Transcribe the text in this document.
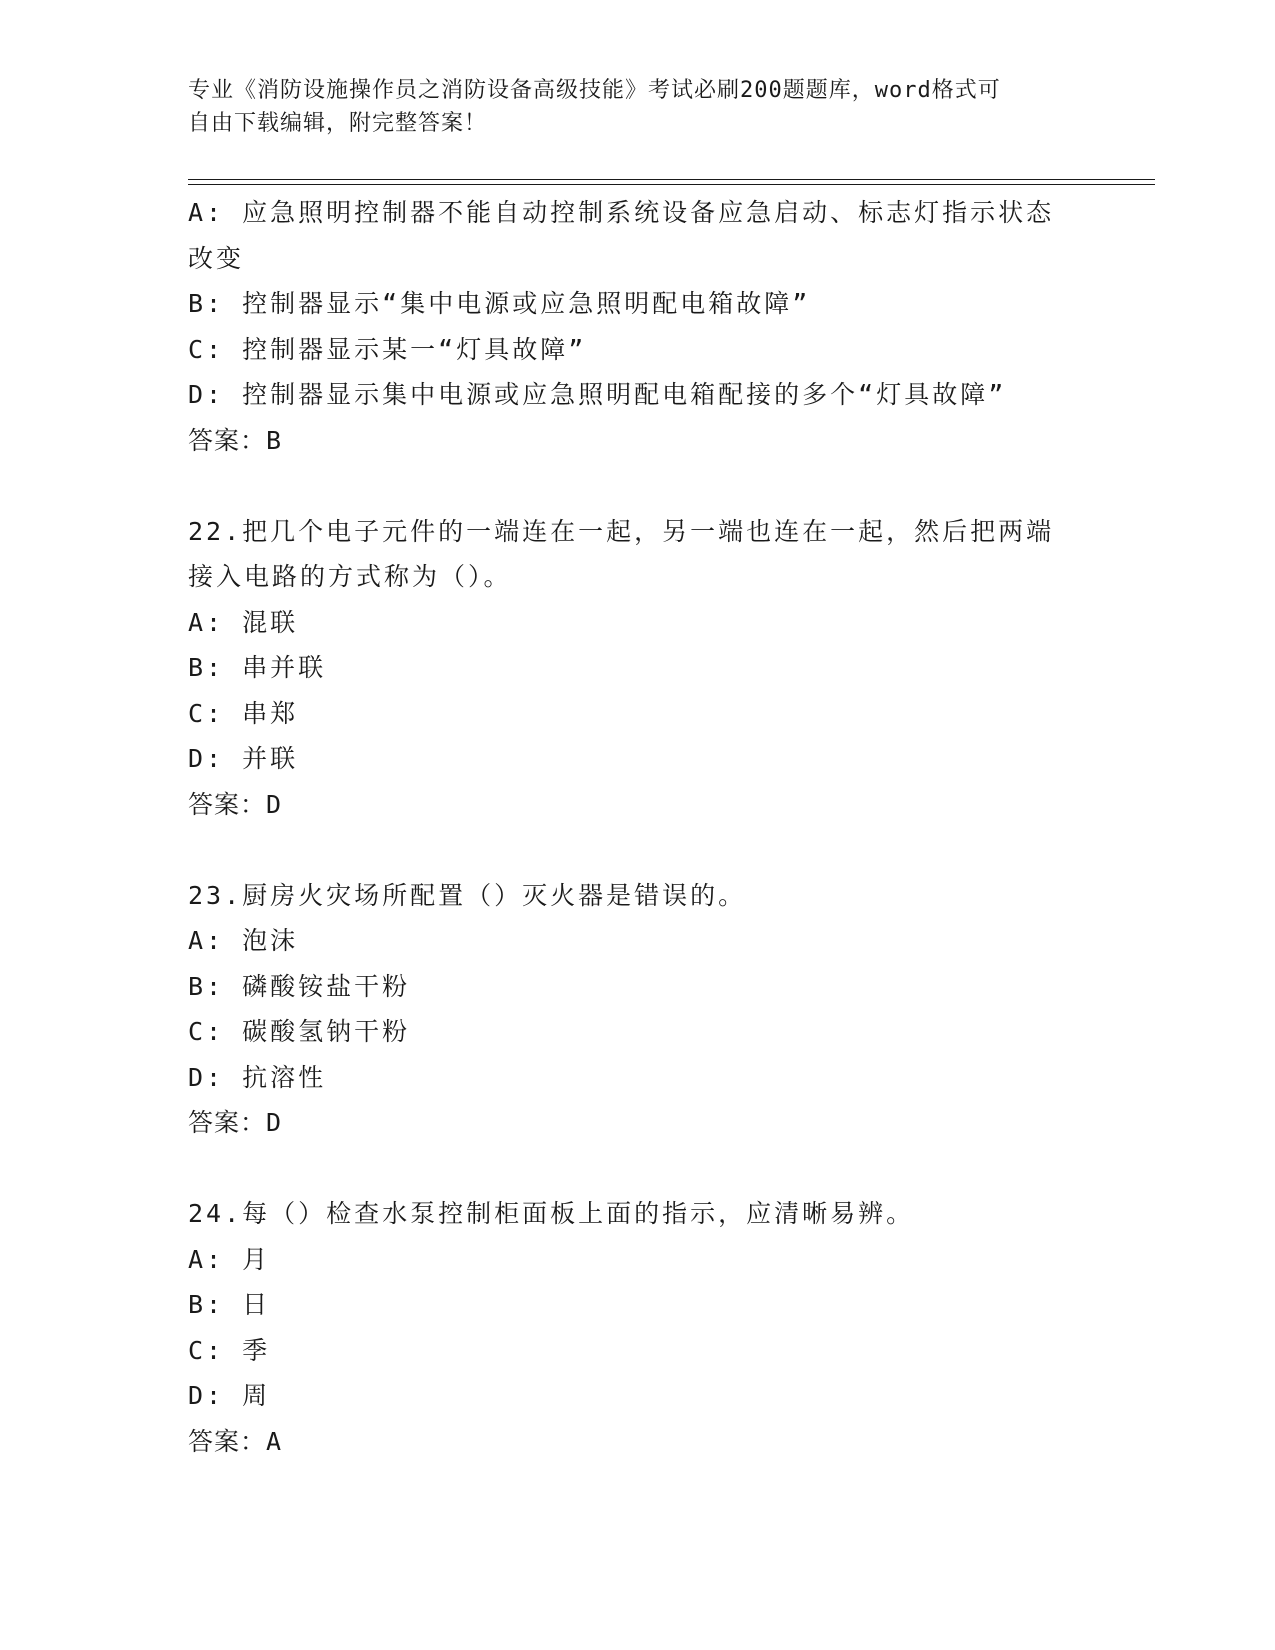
专业《消防设施操作员之消防设备高级技能》考试必刷200题题库，word格式可
自由下载编辑，附完整答案！
A: 应急照明控制器不能自动控制系统设备应急启动、标志灯指示状态
改变
B: 控制器显示“集中电源或应急照明配电箱故障”
C: 控制器显示某一“灯具故障”
D: 控制器显示集中电源或应急照明配电箱配接的多个“灯具故障”
答案：B
22.把几个电子元件的一端连在一起，另一端也连在一起，然后把两端
接入电路的方式称为（）。
A: 混联
B: 串并联
C: 串郑
D: 并联
答案：D
23.厨房火灾场所配置（）灭火器是错误的。
A: 泡沫
B: 磷酸铵盐干粉
C: 碳酸氢钠干粉
D: 抗溶性
答案：D
24.每（）检查水泵控制柜面板上面的指示，应清晰易辨。
A: 月
B: 日
C: 季
D: 周
答案：A
